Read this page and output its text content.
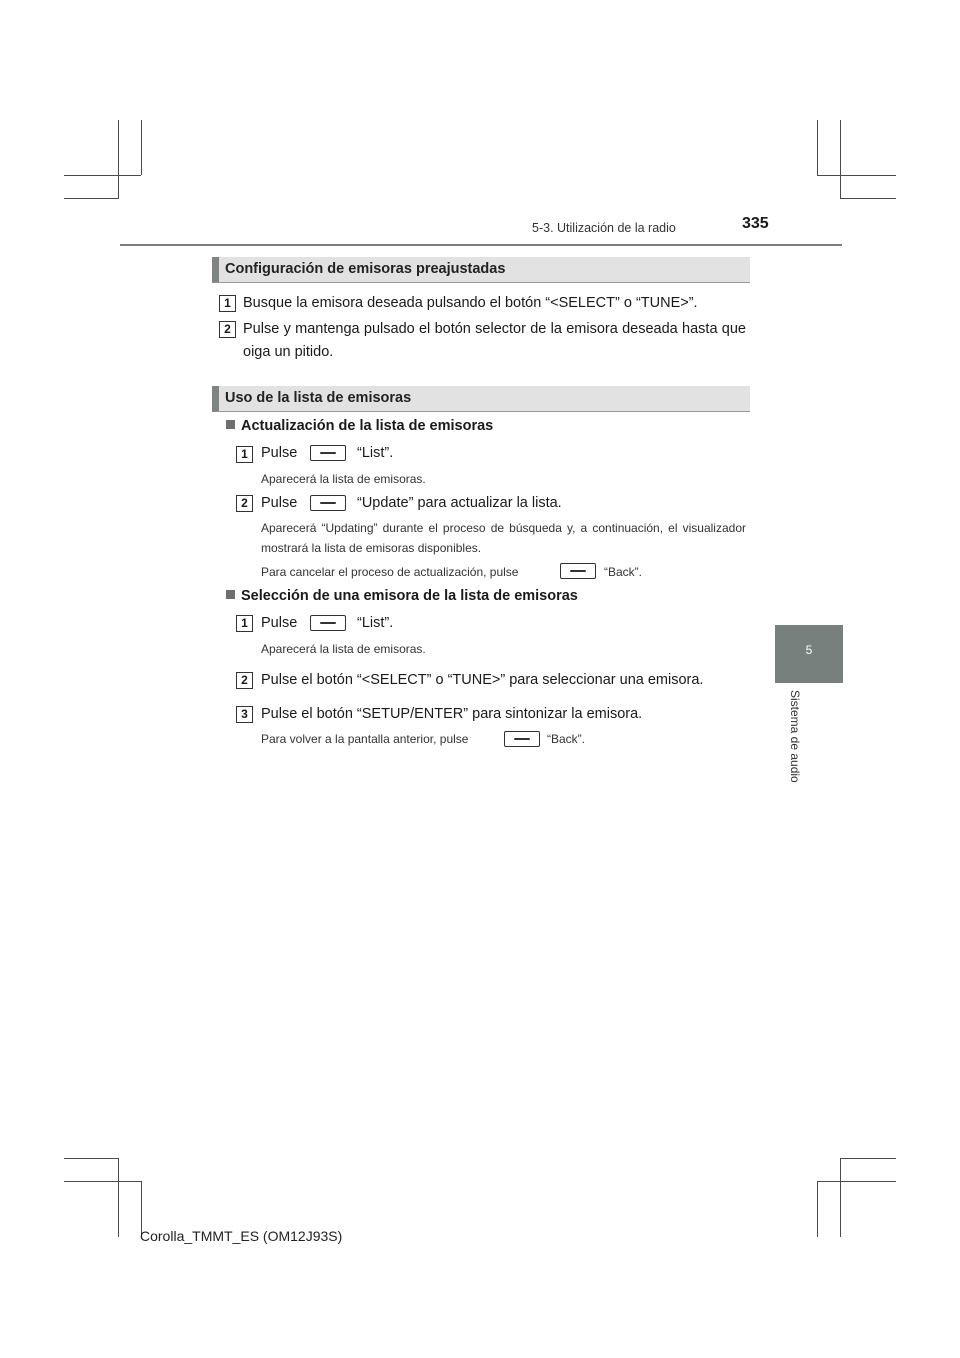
5-3. Utilización de la radio	335
5
Sistema de audio
Configuración de emisoras preajustadas
1 Busque la emisora deseada pulsando el botón “<SELECT” o “TUNE>”.
2 Pulse y mantenga pulsado el botón selector de la emisora deseada hasta que oiga un pitido.
Uso de la lista de emisoras
Actualización de la lista de emisoras
1 Pulse	“List”.
Aparecerá la lista de emisoras.
2 Pulse	“Update” para actualizar la lista.
Aparecerá “Updating” durante el proceso de búsqueda y, a continuación, el visualizador mostrará la lista de emisoras disponibles.
Para cancelar el proceso de actualización, pulse	“Back”.
Selección de una emisora de la lista de emisoras
1 Pulse	“List”.
Aparecerá la lista de emisoras.
2 Pulse el botón “<SELECT” o “TUNE>” para seleccionar una emisora.
3 Pulse el botón “SETUP/ENTER” para sintonizar la emisora.
Para volver a la pantalla anterior, pulse	“Back”.
Corolla_TMMT_ES (OM12J93S)
